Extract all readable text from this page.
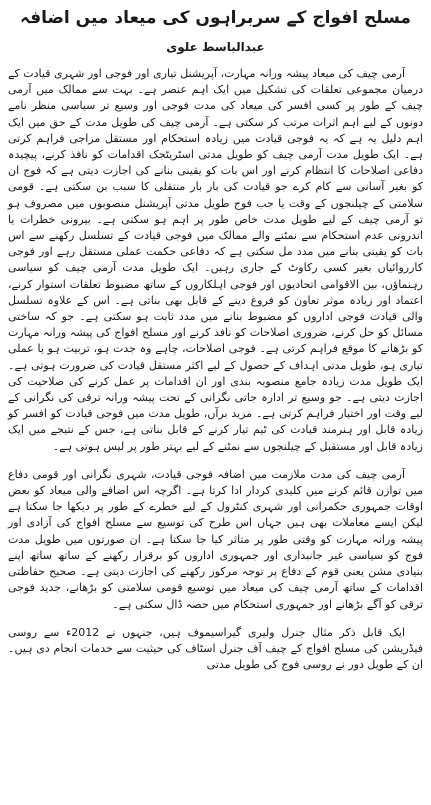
مسلح افواج کے سربراہوں کی میعاد میں اضافہ
عبدالباسط علوی

آرمی چیف کی میعاد پیشہ ورانہ مہارت، آپریشنل تیاری اور فوجی اور شہری قیادت کے درمیان مجموعی تعلقات کی تشکیل میں ایک اہم عنصر ہے۔ بہت سے ممالک میں آرمی چیف کے طور پر کسی افسر کی میعاد کی مدت فوجی اور وسیع تر سیاسی منظر نامے دونوں کے لیے اہم اثرات مرتب کر سکتی ہے۔ آرمی چیف کی طویل مدت کے حق میں ایک اہم دلیل یہ ہے کہ یہ فوجی قیادت میں زیادہ استحکام اور مستقل مزاجی فراہم کرتی ہے۔ ایک طویل مدت آرمی چیف کو طویل مدتی اسٹریٹجک اقدامات کو نافذ کرنے، پیچیدہ دفاعی اصلاحات کا انتظام کرنے اور اس بات کو یقینی بنانے کی اجازت دیتی ہے کہ فوج ان کو بغیر آسانی سے کام کرے جو قیادت کی بار بار منتقلی کا سبب بن سکتی ہے۔ قومی سلامتی کے چیلنجوں کے وقت یا جب فوج طویل مدتی آپریشنل منصوبوں میں مصروف ہو تو آرمی چیف کے لیے طویل مدت خاص طور پر اہم ہو سکتی ہے۔ بیرونی خطرات یا اندرونی عدم استحکام سے نمٹنے والے ممالک میں فوجی قیادت کے تسلسل رکھنے سے اس بات کو یقینی بنانے میں مدد مل سکتی ہے کہ دفاعی حکمت عملی مستقل رہے اور فوجی کارروائیاں بغیر کسی رکاوٹ کے جاری رہیں۔ ایک طویل مدت آرمی چیف کو سیاسی رہنماؤں، بین الاقوامی اتحادیوں اور فوجی اہلکاروں کے ساتھ مضبوط تعلقات استوار کرنے، اعتماد اور زیادہ موثر تعاون کو فروغ دینے کے قابل بھی بناتی ہے۔ اس کے علاوہ تسلسل والی قیادت فوجی اداروں کو مضبوط بنانے میں مدد ثابت ہو سکتی ہے۔ جو کہ ساختی مسائل کو حل کرنے، ضروری اصلاحات کو نافذ کرنے اور مسلح افواج کی پیشہ ورانہ مہارت کو بڑھانے کا موقع فراہم کرتی ہے۔ فوجی اصلاحات، چاہے وہ جدت ہو، تربیت ہو یا عملی تیاری ہو، طویل مدتی اہداف کے حصول کے لیے اکثر مستقل قیادت کی ضرورت ہوتی ہے۔ ایک طویل مدت زیادہ جامع منصوبہ بندی اور ان اقدامات پر عمل کرنے کی صلاحیت کی اجازت دیتی ہے۔ جو وسیع تر ادارہ جاتی نگرانی کے تحت پیشہ ورانہ ترقی کی نگرانی کے لیے وقت اور اختیار فراہم کرتی ہے۔ مزید برآں، طویل مدت میں فوجی قیادت کو افسر کو زیادہ قابل اور ہنرمند قیادت کی ٹیم تیار کرنے کے قابل بناتی ہے، جس کے نتیجے میں ایک زیادہ قابل اور مستقبل کے چیلنجوں سے نمٹنے کے لیے بہتر طور پر لیس ہوتی ہے۔

آرمی چیف کی مدت ملازمت میں اضافہ فوجی قیادت، شہری نگرانی اور قومی دفاع میں توازن قائم کرنے میں کلیدی کردار ادا کرتا ہے۔ اگرچہ اس اضافے والی میعاد کو بعض اوقات جمہوری حکمرانی اور شہری کنٹرول کے لیے خطرے کے طور پر دیکھا جا سکتا ہے لیکن ایسے معاملات بھی ہیں جہاں اس طرح کی توسیع سے مسلح افواج کی آزادی اور پیشہ ورانہ مہارت کو وقتی طور پر متاثر کیا جا سکتا ہے۔ ان صورتوں میں طویل مدت فوج کو سیاسی غیر جانبداری اور جمہوری اداروں کو برقرار رکھنے کے ساتھ ساتھ اپنے بنیادی مشن یعنی قوم کے دفاع پر توجہ مرکوز رکھنے کی اجازت دیتی ہے۔ صحیح حفاظتی اقدامات کے ساتھ آرمی چیف کی میعاد میں توسیع قومی سلامتی کو بڑھانے، جدید فوجی ترقی کو آگے بڑھانے اور جمہوری استحکام میں حصہ ڈال سکتی ہے۔

ایک قابل ذکر مثال جنرل ولیری گیراسیموف ہیں، جنہوں نے 2012ء سے روسی فیڈریشن کی مسلح افواج کے چیف آف جنرل اسٹاف کی حیثیت سے خدمات انجام دی ہیں۔ ان کے طویل دور نے روسی فوج کی طویل مدتی
